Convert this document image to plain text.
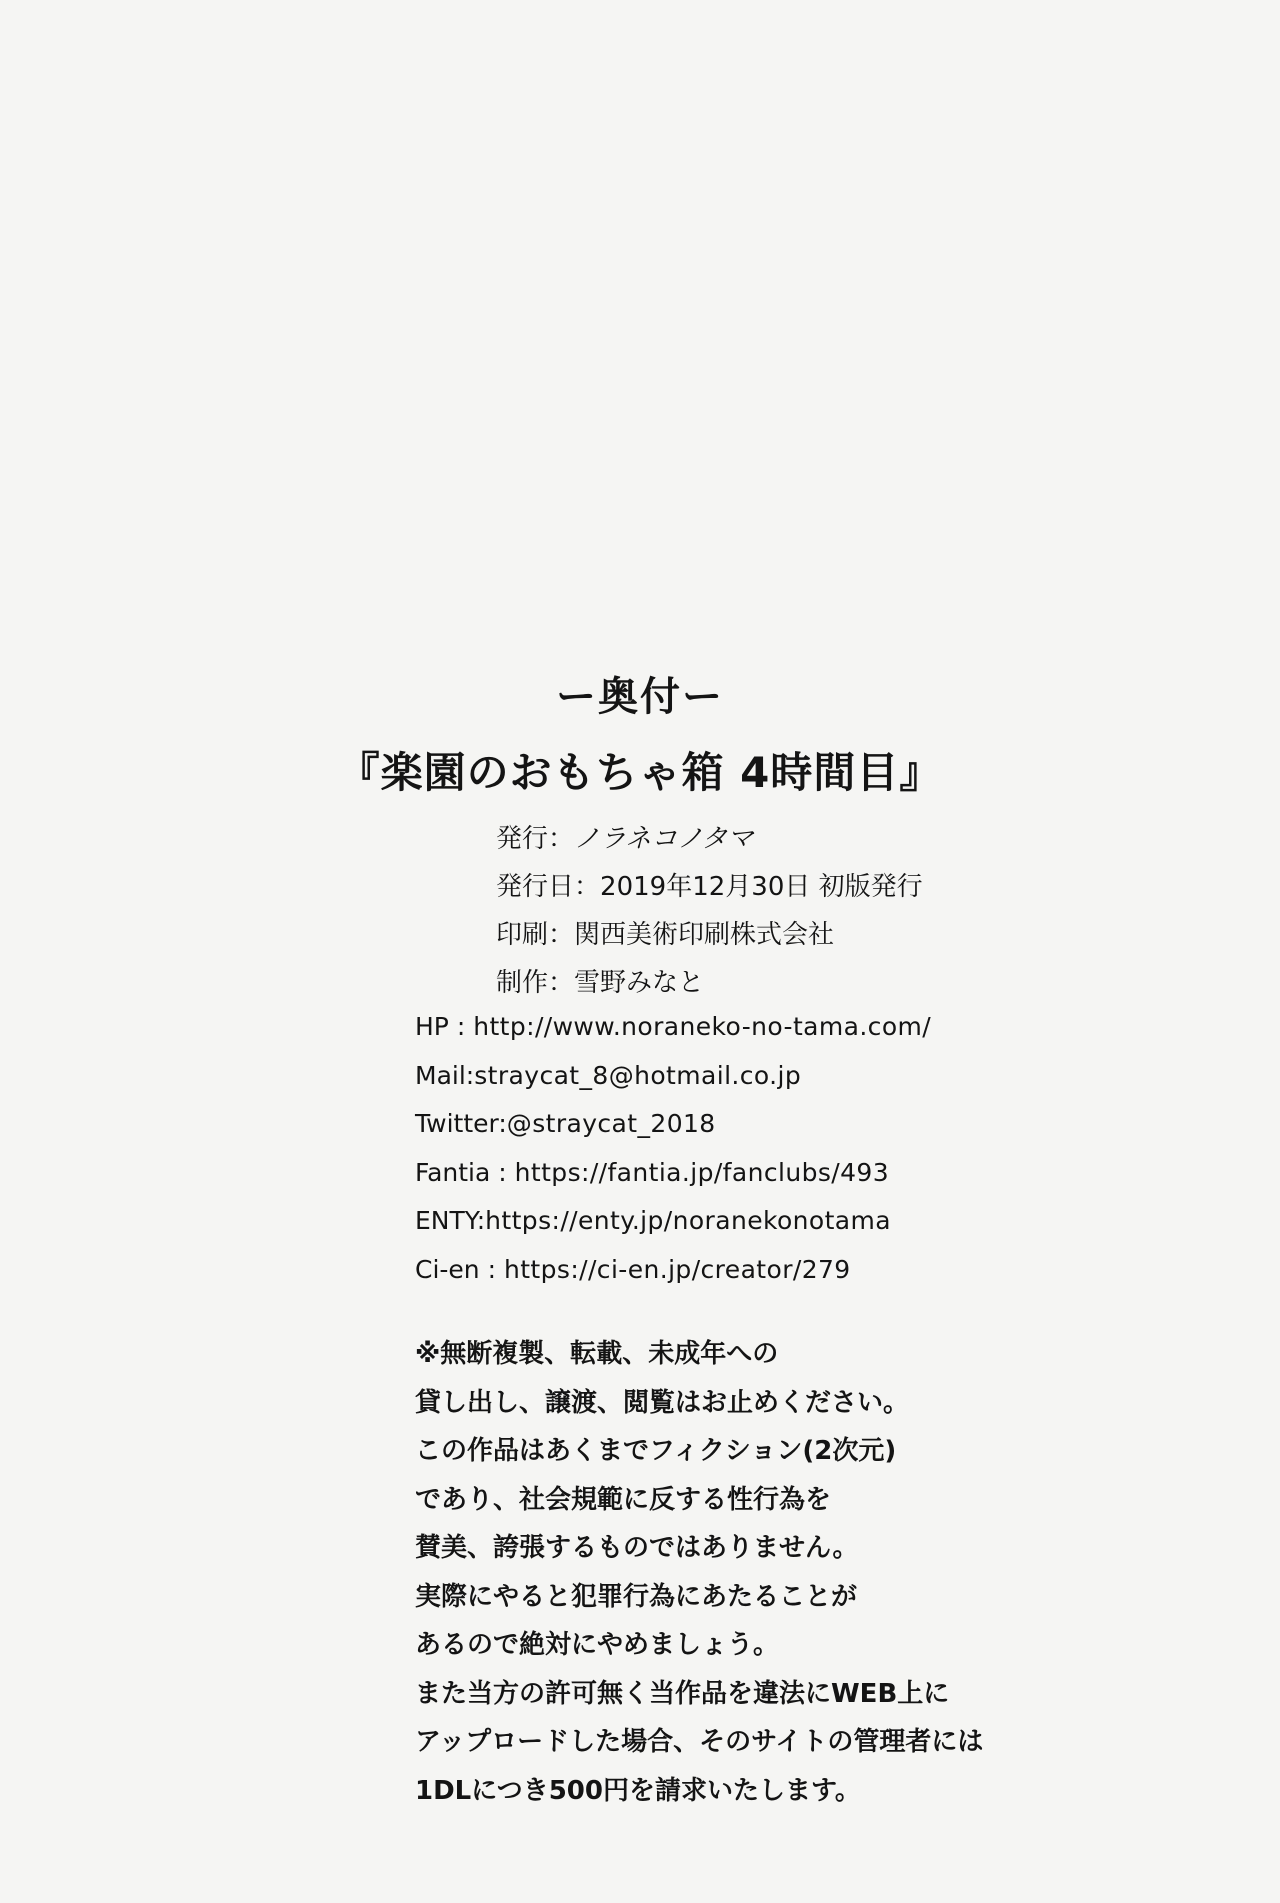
ー奥付ー
『楽園のおもちゃ箱 4時間目』
発行：ノラネコノタマ
発行日：2019年12月30日 初版発行
印刷：関西美術印刷株式会社
制作：雪野みなと
HP : http://www.noraneko-no-tama.com/
Mail:straycat_8@hotmail.co.jp
Twitter:@straycat_2018
Fantia : https://fantia.jp/fanclubs/493
ENTY:https://enty.jp/noranekonotama
Ci-en : https://ci-en.jp/creator/279
※無断複製、転載、未成年への
貸し出し、譲渡、閲覧はお止めください。
この作品はあくまでフィクション(2次元)
であり、社会規範に反する性行為を
賛美、誇張するものではありません。
実際にやると犯罪行為にあたることが
あるので絶対にやめましょう。
また当方の許可無く当作品を違法にWEB上に
アップロードした場合、そのサイトの管理者には
1DLにつき500円を請求いたします。
